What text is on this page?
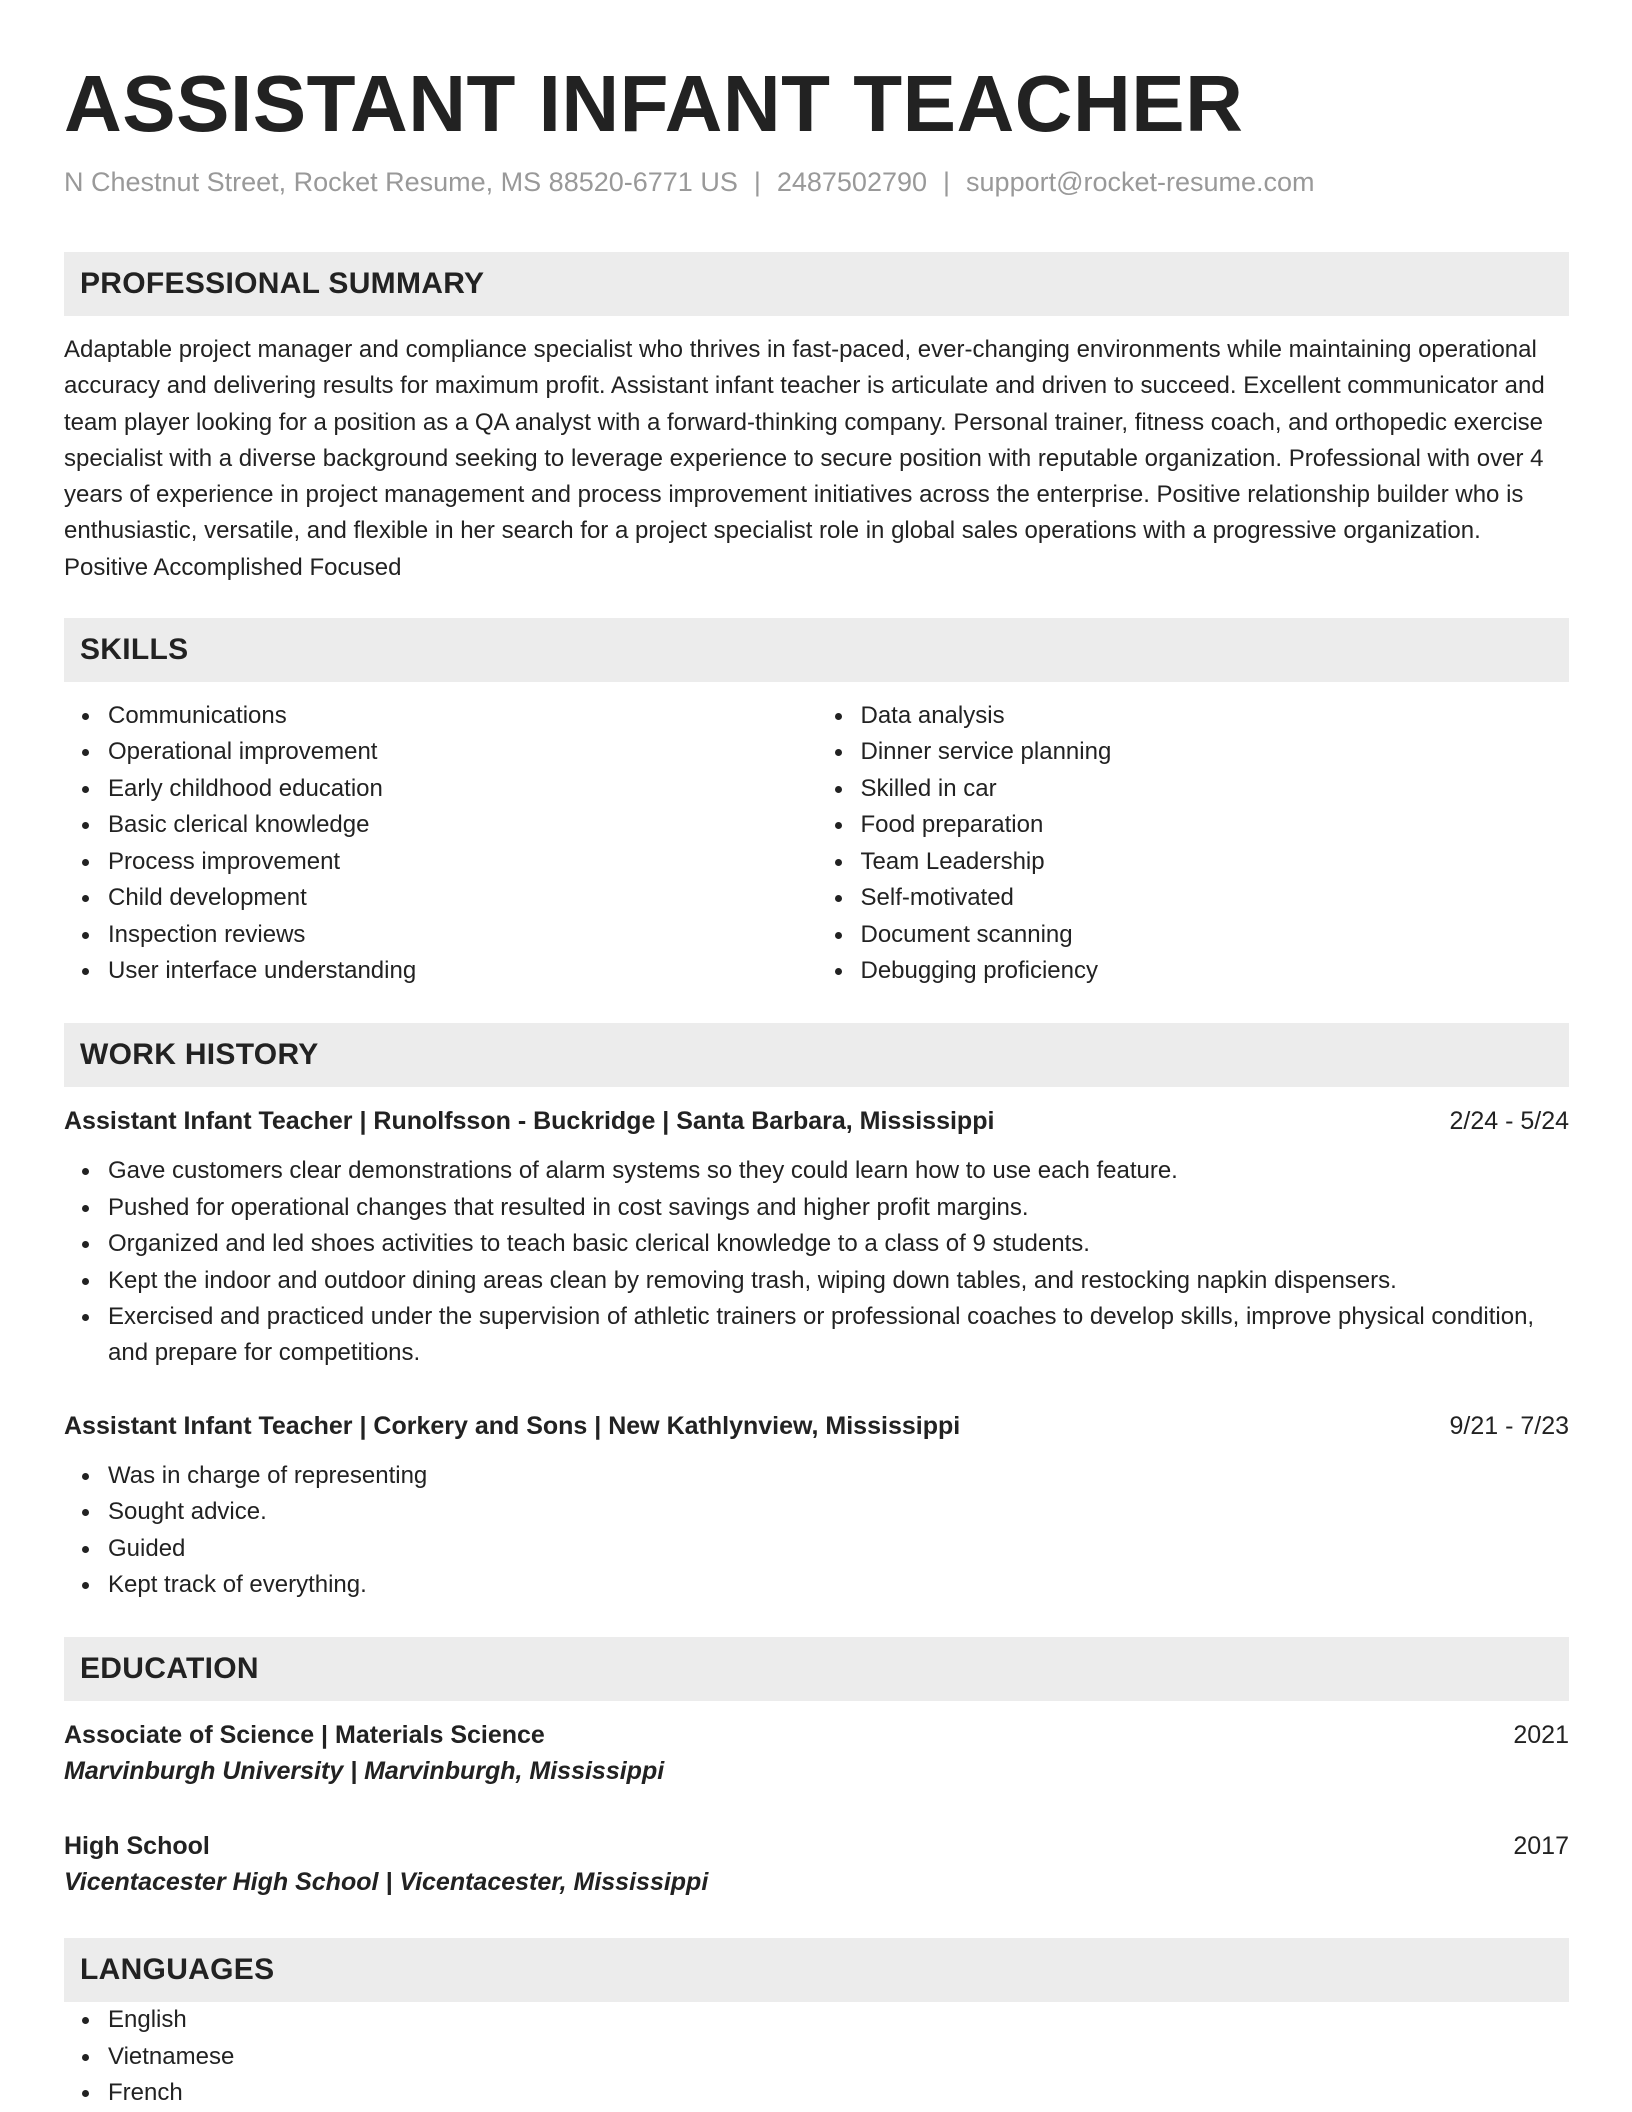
ASSISTANT INFANT TEACHER
N Chestnut Street, Rocket Resume, MS 88520-6771 US | 2487502790 | support@rocket-resume.com
PROFESSIONAL SUMMARY
Adaptable project manager and compliance specialist who thrives in fast-paced, ever-changing environments while maintaining operational accuracy and delivering results for maximum profit. Assistant infant teacher is articulate and driven to succeed. Excellent communicator and team player looking for a position as a QA analyst with a forward-thinking company. Personal trainer, fitness coach, and orthopedic exercise specialist with a diverse background seeking to leverage experience to secure position with reputable organization. Professional with over 4 years of experience in project management and process improvement initiatives across the enterprise. Positive relationship builder who is enthusiastic, versatile, and flexible in her search for a project specialist role in global sales operations with a progressive organization. Positive Accomplished Focused
SKILLS
Communications
Operational improvement
Early childhood education
Basic clerical knowledge
Process improvement
Child development
Inspection reviews
User interface understanding
Data analysis
Dinner service planning
Skilled in car
Food preparation
Team Leadership
Self-motivated
Document scanning
Debugging proficiency
WORK HISTORY
Assistant Infant Teacher | Runolfsson - Buckridge | Santa Barbara, Mississippi	2/24 - 5/24
Gave customers clear demonstrations of alarm systems so they could learn how to use each feature.
Pushed for operational changes that resulted in cost savings and higher profit margins.
Organized and led shoes activities to teach basic clerical knowledge to a class of 9 students.
Kept the indoor and outdoor dining areas clean by removing trash, wiping down tables, and restocking napkin dispensers.
Exercised and practiced under the supervision of athletic trainers or professional coaches to develop skills, improve physical condition, and prepare for competitions.
Assistant Infant Teacher | Corkery and Sons | New Kathlynview, Mississippi	9/21 - 7/23
Was in charge of representing
Sought advice.
Guided
Kept track of everything.
EDUCATION
Associate of Science | Materials Science	2021
Marvinburgh University | Marvinburgh, Mississippi
High School	2017
Vicentacester High School | Vicentacester, Mississippi
LANGUAGES
English
Vietnamese
French
